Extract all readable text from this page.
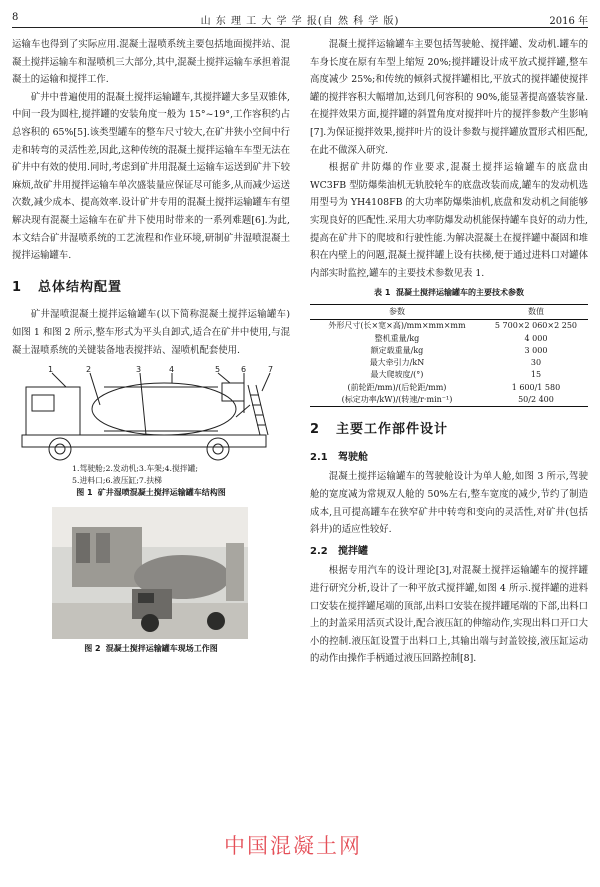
8	山 东 理 工 大 学 学 报(自 然 科 学 版)	2016 年

运输车也得到了实际应用.混凝土湿喷系统主要包括地面搅拌站、混凝土搅拌运输车和湿喷机三大部分,其中,混凝土搅拌运输车承担着混凝土的运输和搅拌工作.

矿井中普遍使用的混凝土搅拌运输罐车,其搅拌罐大多呈双锥体,中间一段为圆柱,搅拌罐的安装角度一般为 15°~19°,工作容积约占总容积的 65%[5].该类型罐车的整车尺寸较大,在矿井狭小空间中行走和转弯的灵活性差,因此,这种传统的混凝土搅拌运输车车型无法在矿井中有效的使用.同时,考虑到矿井用混凝土运输车运送到矿井下较麻烦,故矿井用搅拌运输车单次盛装量应保证尽可能多,从而减少运送次数,减少成本、提高效率.设计矿井专用的混凝土搅拌运输罐车有望解决现有混凝土运输车在矿井下使用时带来的一系列难题[6].为此,本文结合矿井湿喷系统的工艺流程和作业环境,研制矿井湿喷混凝土搅拌运输罐车.

1 总体结构配置

矿井湿喷混凝土搅拌运输罐车(以下简称混凝土搅拌运输罐车)如图 1 和图 2 所示,整车形式为平头自卸式,适合在矿井中使用,与混凝土湿喷系统的关键装备地表搅拌站、湿喷机配套使用.

1	2	3	4	5	6	7
1.驾驶舱;2.发动机;3.车架;4.搅拌罐;
5.进料口;6.液压缸;7.扶梯
图 1 矿井湿喷混凝土搅拌运输罐车结构图
图 2 混凝土搅拌运输罐车现场工作图

混凝土搅拌运输罐车主要包括驾驶舱、搅拌罐、发动机.罐车的车身长度在原有车型上缩短 20%;搅拌罐设计成平放式搅拌罐,整车高度减少 25%;和传统的倾斜式搅拌罐相比,平放式的搅拌罐使搅拌罐的搅拌容积大幅增加,达到几何容积的 90%,能显著提高盛装容量.在搅拌效果方面,搅拌罐的斜置角度对搅拌叶片的搅拌参数产生影响[7].为保证搅拌效果,搅拌叶片的设计参数与搅拌罐放置形式相匹配,在此不做深入研究.

根据矿井防爆的作业要求,混凝土搅拌运输罐车的底盘由 WC3FB 型防爆柴油机无轨胶轮车的底盘改装而成,罐车的发动机选用型号为 YH4108FB 的大功率防爆柴油机,底盘和发动机之间能够实现良好的匹配性.采用大功率防爆发动机能保持罐车良好的动力性,提高在矿井下的爬坡和行驶性能.为解决混凝土在搅拌罐中凝固和堆积在内壁上的问题,混凝土搅拌罐上设有扶梯,便于通过进料口对罐体内部实时监控,罐车的主要技术参数见表 1.

表 1 混凝土搅拌运输罐车的主要技术参数
参数	数值
外形尺寸(长×宽×高)/mm×mm×mm	5 700×2 060×2 250
整机重量/kg	4 000
额定载重量/kg	3 000
最大牵引力/kN	30
最大爬坡度/(°)	15
(前轮距/mm)/(后轮距/mm)	1 600/1 580
(标定功率/kW)/(转速/r·min⁻¹)	50/2 400
2 主要工作部件设计
2.1 驾驶舱

混凝土搅拌运输罐车的驾驶舱设计为单人舱,如图 3 所示,驾驶舱的宽度减为常规双人舱的 50%左右,整车宽度的减少,节约了制造成本,且可提高罐车在狭窄矿井中转弯和变向的灵活性,对矿井(包括斜井)的适应性较好.

2.2 搅拌罐

根据专用汽车的设计理论[3],对混凝土搅拌运输罐车的搅拌罐进行研究分析,设计了一种平放式搅拌罐,如图 4 所示.搅拌罐的进料口安装在搅拌罐尾端的顶部,出料口安装在搅拌罐尾端的下部,出料口上的封盖采用活页式设计,配合液压缸的伸缩动作,实现出料口开口大小的控制.液压缸设置于出料口上,其输出端与封盖铰接,液压缸运动的动作由操作手柄通过液压回路控制[8].

中国混凝土网
